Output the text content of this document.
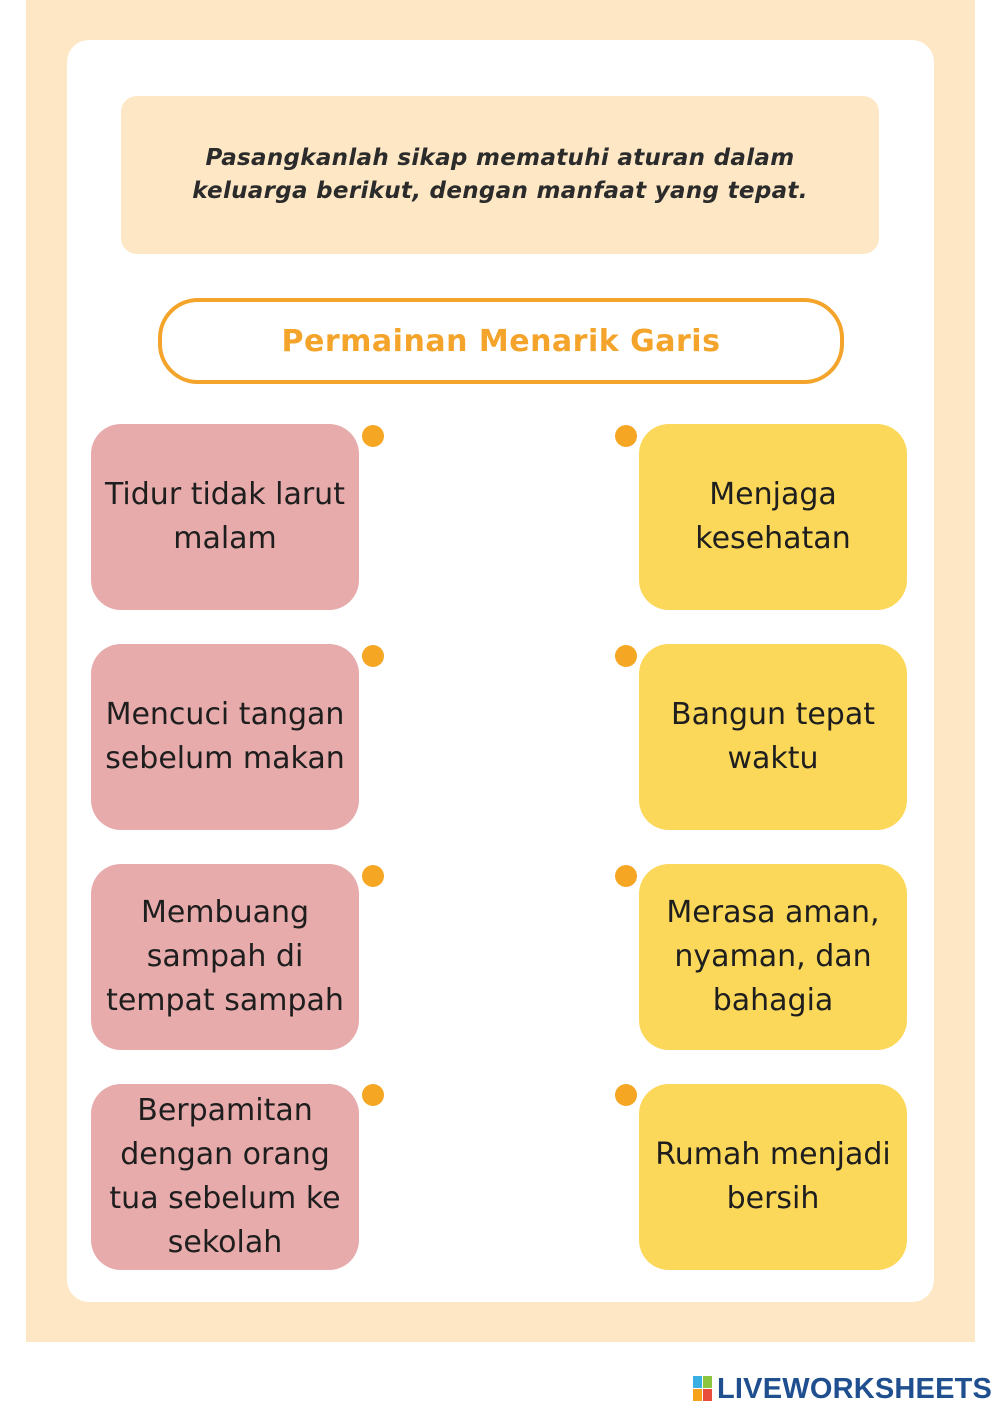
Pasangkanlah sikap mematuhi aturan dalam keluarga berikut, dengan manfaat yang tepat.
Permainan Menarik Garis
Tidur tidak larut malam
Mencuci tangan sebelum makan
Membuang sampah di tempat sampah
Berpamitan dengan orang tua sebelum ke sekolah
Menjaga kesehatan
Bangun tepat waktu
Merasa aman, nyaman, dan bahagia
Rumah menjadi bersih
LIVEWORKSHEETS
